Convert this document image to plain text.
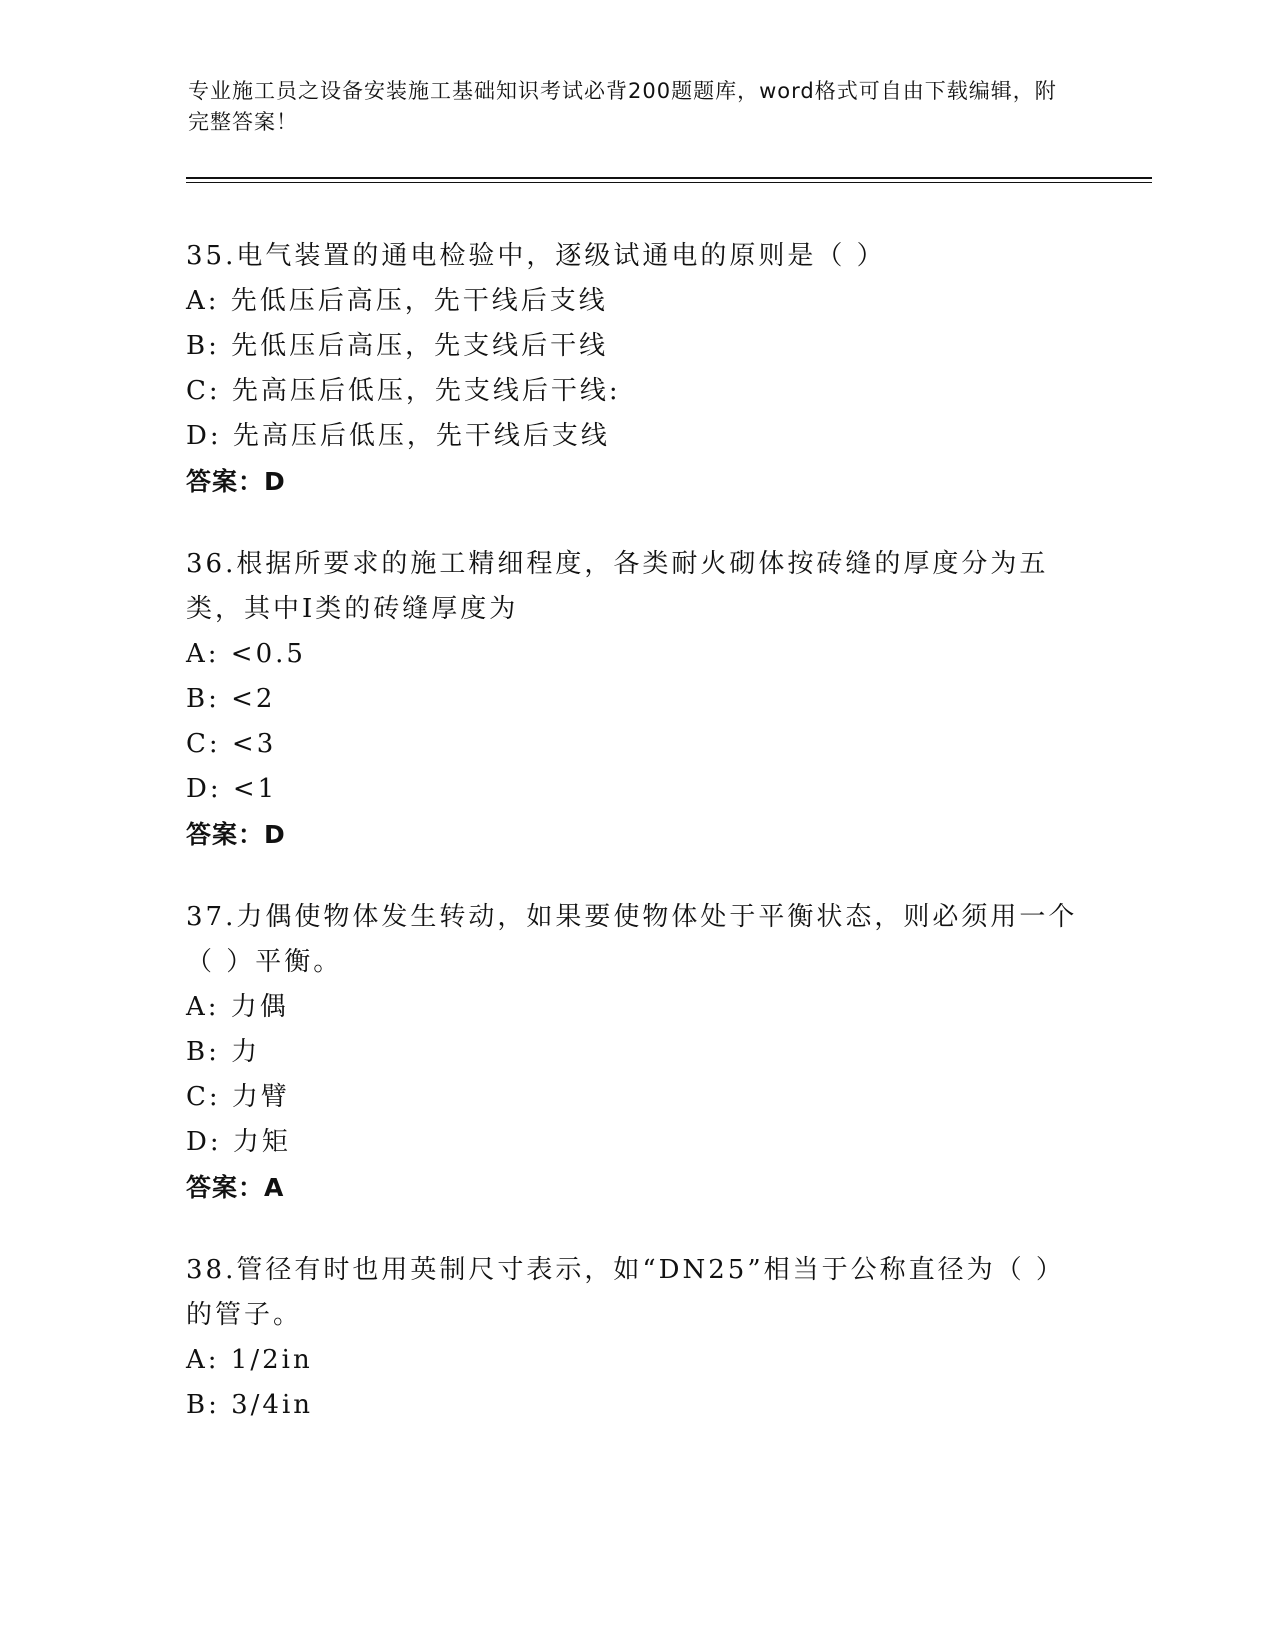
专业施工员之设备安装施工基础知识考试必背200题题库，word格式可自由下载编辑，附完整答案！
35.电气装置的通电检验中，逐级试通电的原则是（ ）
A: 先低压后高压，先干线后支线
B: 先低压后高压，先支线后干线
C: 先高压后低压，先支线后干线:
D: 先高压后低压，先干线后支线
答案：D
36.根据所要求的施工精细程度，各类耐火砌体按砖缝的厚度分为五类，其中Ⅰ类的砖缝厚度为
A: <0.5
B: <2
C: <3
D: <1
答案：D
37.力偶使物体发生转动，如果要使物体处于平衡状态，则必须用一个（ ）平衡。
A: 力偶
B: 力
C: 力臂
D: 力矩
答案：A
38.管径有时也用英制尺寸表示，如“DN25”相当于公称直径为（ ）的管子。
A: 1/2in
B: 3/4in
